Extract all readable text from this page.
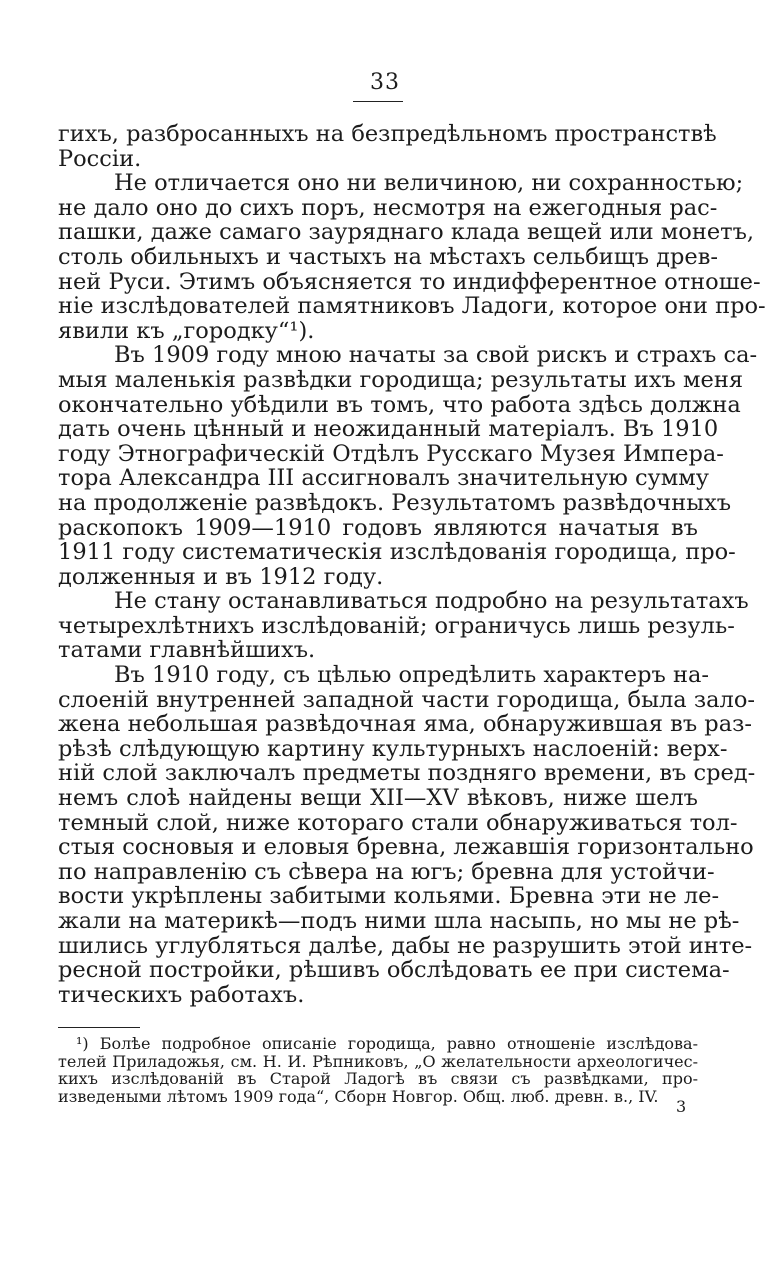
33
гихъ, разбросанныхъ на безпредѣльномъ пространствѣ
Россіи.
Не отличается оно ни величиною, ни сохранностью;
не дало оно до сихъ поръ, несмотря на ежегодныя рас-
пашки, даже самаго зауряднаго клада вещей или монетъ,
столь обильныхъ и частыхъ на мѣстахъ сельбищъ древ-
ней Руси. Этимъ объясняется то индифферентное отноше-
ніе изслѣдователей памятниковъ Ладоги, которое они про-
явили къ „городку“¹).
Въ 1909 году мною начаты за свой рискъ и страхъ са-
мыя маленькія развѣдки городища; результаты ихъ меня
окончательно убѣдили въ томъ, что работа здѣсь должна
дать очень цѣнный и неожиданный матеріалъ. Въ 1910
году Этнографическій Отдѣлъ Русскаго Музея Импера-
тора Александра III ассигновалъ значительную сумму
на продолженіе развѣдокъ. Результатомъ развѣдочныхъ
раскопокъ 1909—1910 годовъ являются начатыя въ
1911 году систематическія изслѣдованія городища, про-
долженныя и въ 1912 году.
Не стану останавливаться подробно на результатахъ
четырехлѣтнихъ изслѣдованій; ограничусь лишь резуль-
татами главнѣйшихъ.
Въ 1910 году, съ цѣлью опредѣлить характеръ на-
слоеній внутренней западной части городища, была зало-
жена небольшая развѣдочная яма, обнаружившая въ раз-
рѣзѣ слѣдующую картину культурныхъ наслоеній: верх-
ній слой заключалъ предметы поздняго времени, въ сред-
немъ слоѣ найдены вещи XII—XV вѣковъ, ниже шелъ
темный слой, ниже котораго стали обнаруживаться тол-
стыя сосновыя и еловыя бревна, лежавшія горизонтально
по направленію съ сѣвера на югъ; бревна для устойчи-
вости укрѣплены забитыми кольями. Бревна эти не ле-
жали на материкѣ—подъ ними шла насыпь, но мы не рѣ-
шились углубляться далѣе, дабы не разрушить этой инте-
ресной постройки, рѣшивъ обслѣдовать ее при система-
тическихъ работахъ.
¹) Болѣе подробное описаніе городища, равно отношеніе изслѣдова-
телей Приладожья, см. Н. И. Рѣпниковъ, „О желательности археологичес-
кихъ изслѣдованій въ Старой Ладогѣ въ связи съ развѣдками, про-
изведеными лѣтомъ 1909 года“, Сборн Новгор. Общ. люб. древн. в., IV.
3
